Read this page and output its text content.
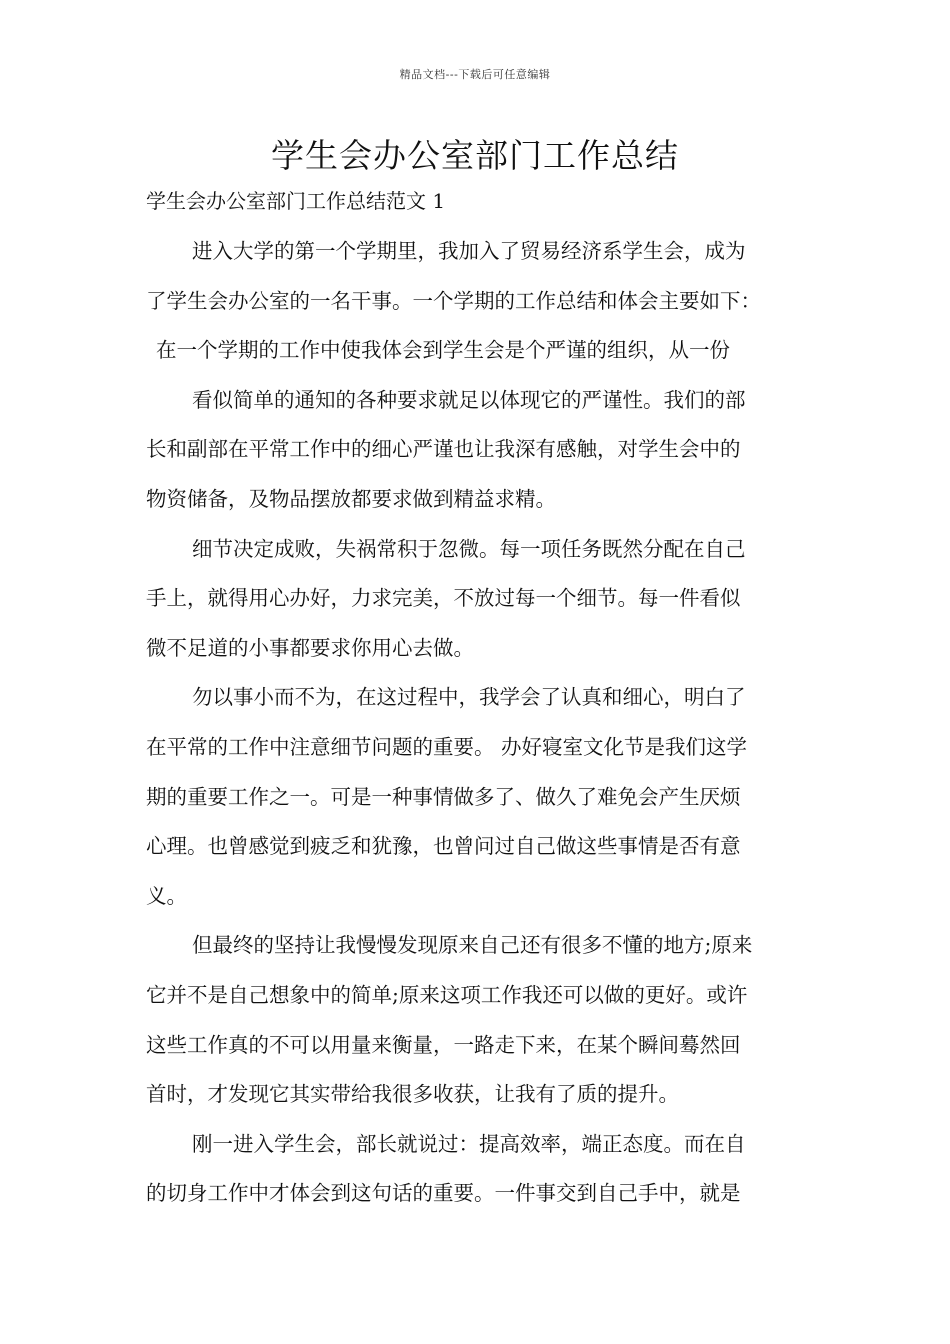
精品文档---下载后可任意编辑
学生会办公室部门工作总结
学生会办公室部门工作总结范文 1
进入大学的第一个学期里，我加入了贸易经济系学生会，成为
了学生会办公室的一名干事。一个学期的工作总结和体会主要如下：
在一个学期的工作中使我体会到学生会是个严谨的组织，从一份
看似简单的通知的各种要求就足以体现它的严谨性。我们的部
长和副部在平常工作中的细心严谨也让我深有感触，对学生会中的
物资储备，及物品摆放都要求做到精益求精。
细节决定成败，失祸常积于忽微。每一项任务既然分配在自己
手上，就得用心办好，力求完美，不放过每一个细节。每一件看似
微不足道的小事都要求你用心去做。
勿以事小而不为，在这过程中，我学会了认真和细心，明白了
在平常的工作中注意细节问题的重要。 办好寝室文化节是我们这学
期的重要工作之一。可是一种事情做多了、做久了难免会产生厌烦
心理。也曾感觉到疲乏和犹豫，也曾问过自己做这些事情是否有意
义。
但最终的坚持让我慢慢发现原来自己还有很多不懂的地方;原来
它并不是自己想象中的简单;原来这项工作我还可以做的更好。或许
这些工作真的不可以用量来衡量，一路走下来，在某个瞬间蓦然回
首时，才发现它其实带给我很多收获，让我有了质的提升。
刚一进入学生会，部长就说过：提高效率，端正态度。而在自
的切身工作中才体会到这句话的重要。一件事交到自己手中，就是
